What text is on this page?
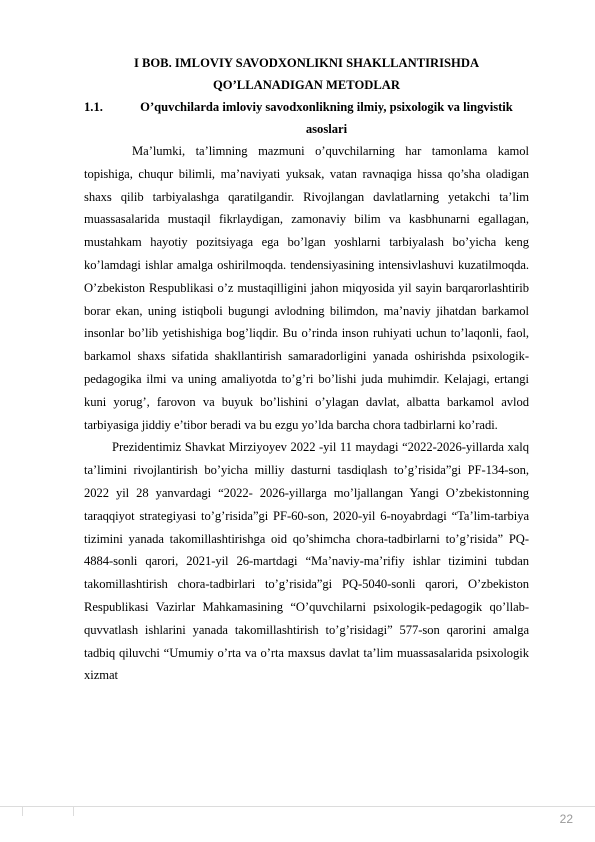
I BOB. IMLOVIY SAVODXONLIKNI SHAKLLANTIRISHDA

QO’LLANADIGAN METODLAR

1.1.	O’quvchilarda imloviy savodxonlikning ilmiy, psixologik va lingvistik asoslari

Ma’lumki, ta’limning mazmuni o’quvchilarning har tamonlama kamol topishiga, chuqur bilimli, ma’naviyati yuksak, vatan ravnaqiga hissa qo’sha oladigan shaxs qilib tarbiyalashga qaratilgandir. Rivojlangan davlatlarning yetakchi ta’lim muassasalarida mustaqil fikrlaydigan, zamonaviy bilim va kasbhunarni egallagan, mustahkam hayotiy pozitsiyaga ega bo’lgan yoshlarni tarbiyalash bo’yicha keng ko’lamdagi ishlar amalga oshirilmoqda. tendensiyasining intensivlashuvi kuzatilmoqda. O’zbekiston Respublikasi o’z mustaqilligini jahon miqyosida yil sayin barqarorlashtirib borar ekan, uning istiqboli bugungi avlodning bilimdon, ma’naviy jihatdan barkamol insonlar bo’lib yetishishiga bog’liqdir. Bu o’rinda inson ruhiyati uchun to’laqonli, faol, barkamol shaxs sifatida shakllantirish samaradorligini yanada oshirishda psixologik-pedagogika ilmi va uning amaliyotda to’g’ri bo’lishi juda muhimdir. Kelajagi, ertangi kuni yorug’, farovon va buyuk bo’lishini o’ylagan davlat, albatta barkamol avlod tarbiyasiga jiddiy e’tibor beradi va bu ezgu yo’lda barcha chora tadbirlarni ko’radi.

Prezidentimiz Shavkat Mirziyoyev 2022 -yil 11 maydagi “2022-2026-yillarda xalq ta’limini rivojlantirish bo’yicha milliy dasturni tasdiqlash to’g’risida”gi PF-134-son, 2022 yil 28 yanvardagi “2022- 2026-yillarga mo’ljallangan Yangi O’zbekistonning taraqqiyot strategiyasi to’g’risida”gi PF-60-son, 2020-yil 6-noyabrdagi “Ta’lim-tarbiya tizimini yanada takomillashtirishga oid qo’shimcha chora-tadbirlarni to’g’risida” PQ-4884-sonli qarori, 2021-yil 26-martdagi “Ma’naviy-ma’rifiy ishlar tizimini tubdan takomillashtirish chora-tadbirlari to’g’risida”gi PQ-5040-sonli qarori, O’zbekiston Respublikasi Vazirlar Mahkamasining “O’quvchilarni psixologik-pedagogik qo’llab-quvvatlash ishlarini yanada takomillashtirish to’g’risidagi” 577-son qarorini amalga tadbiq qiluvchi “Umumiy o’rta va o’rta maxsus davlat ta’lim muassasalarida psixologik xizmat

22
